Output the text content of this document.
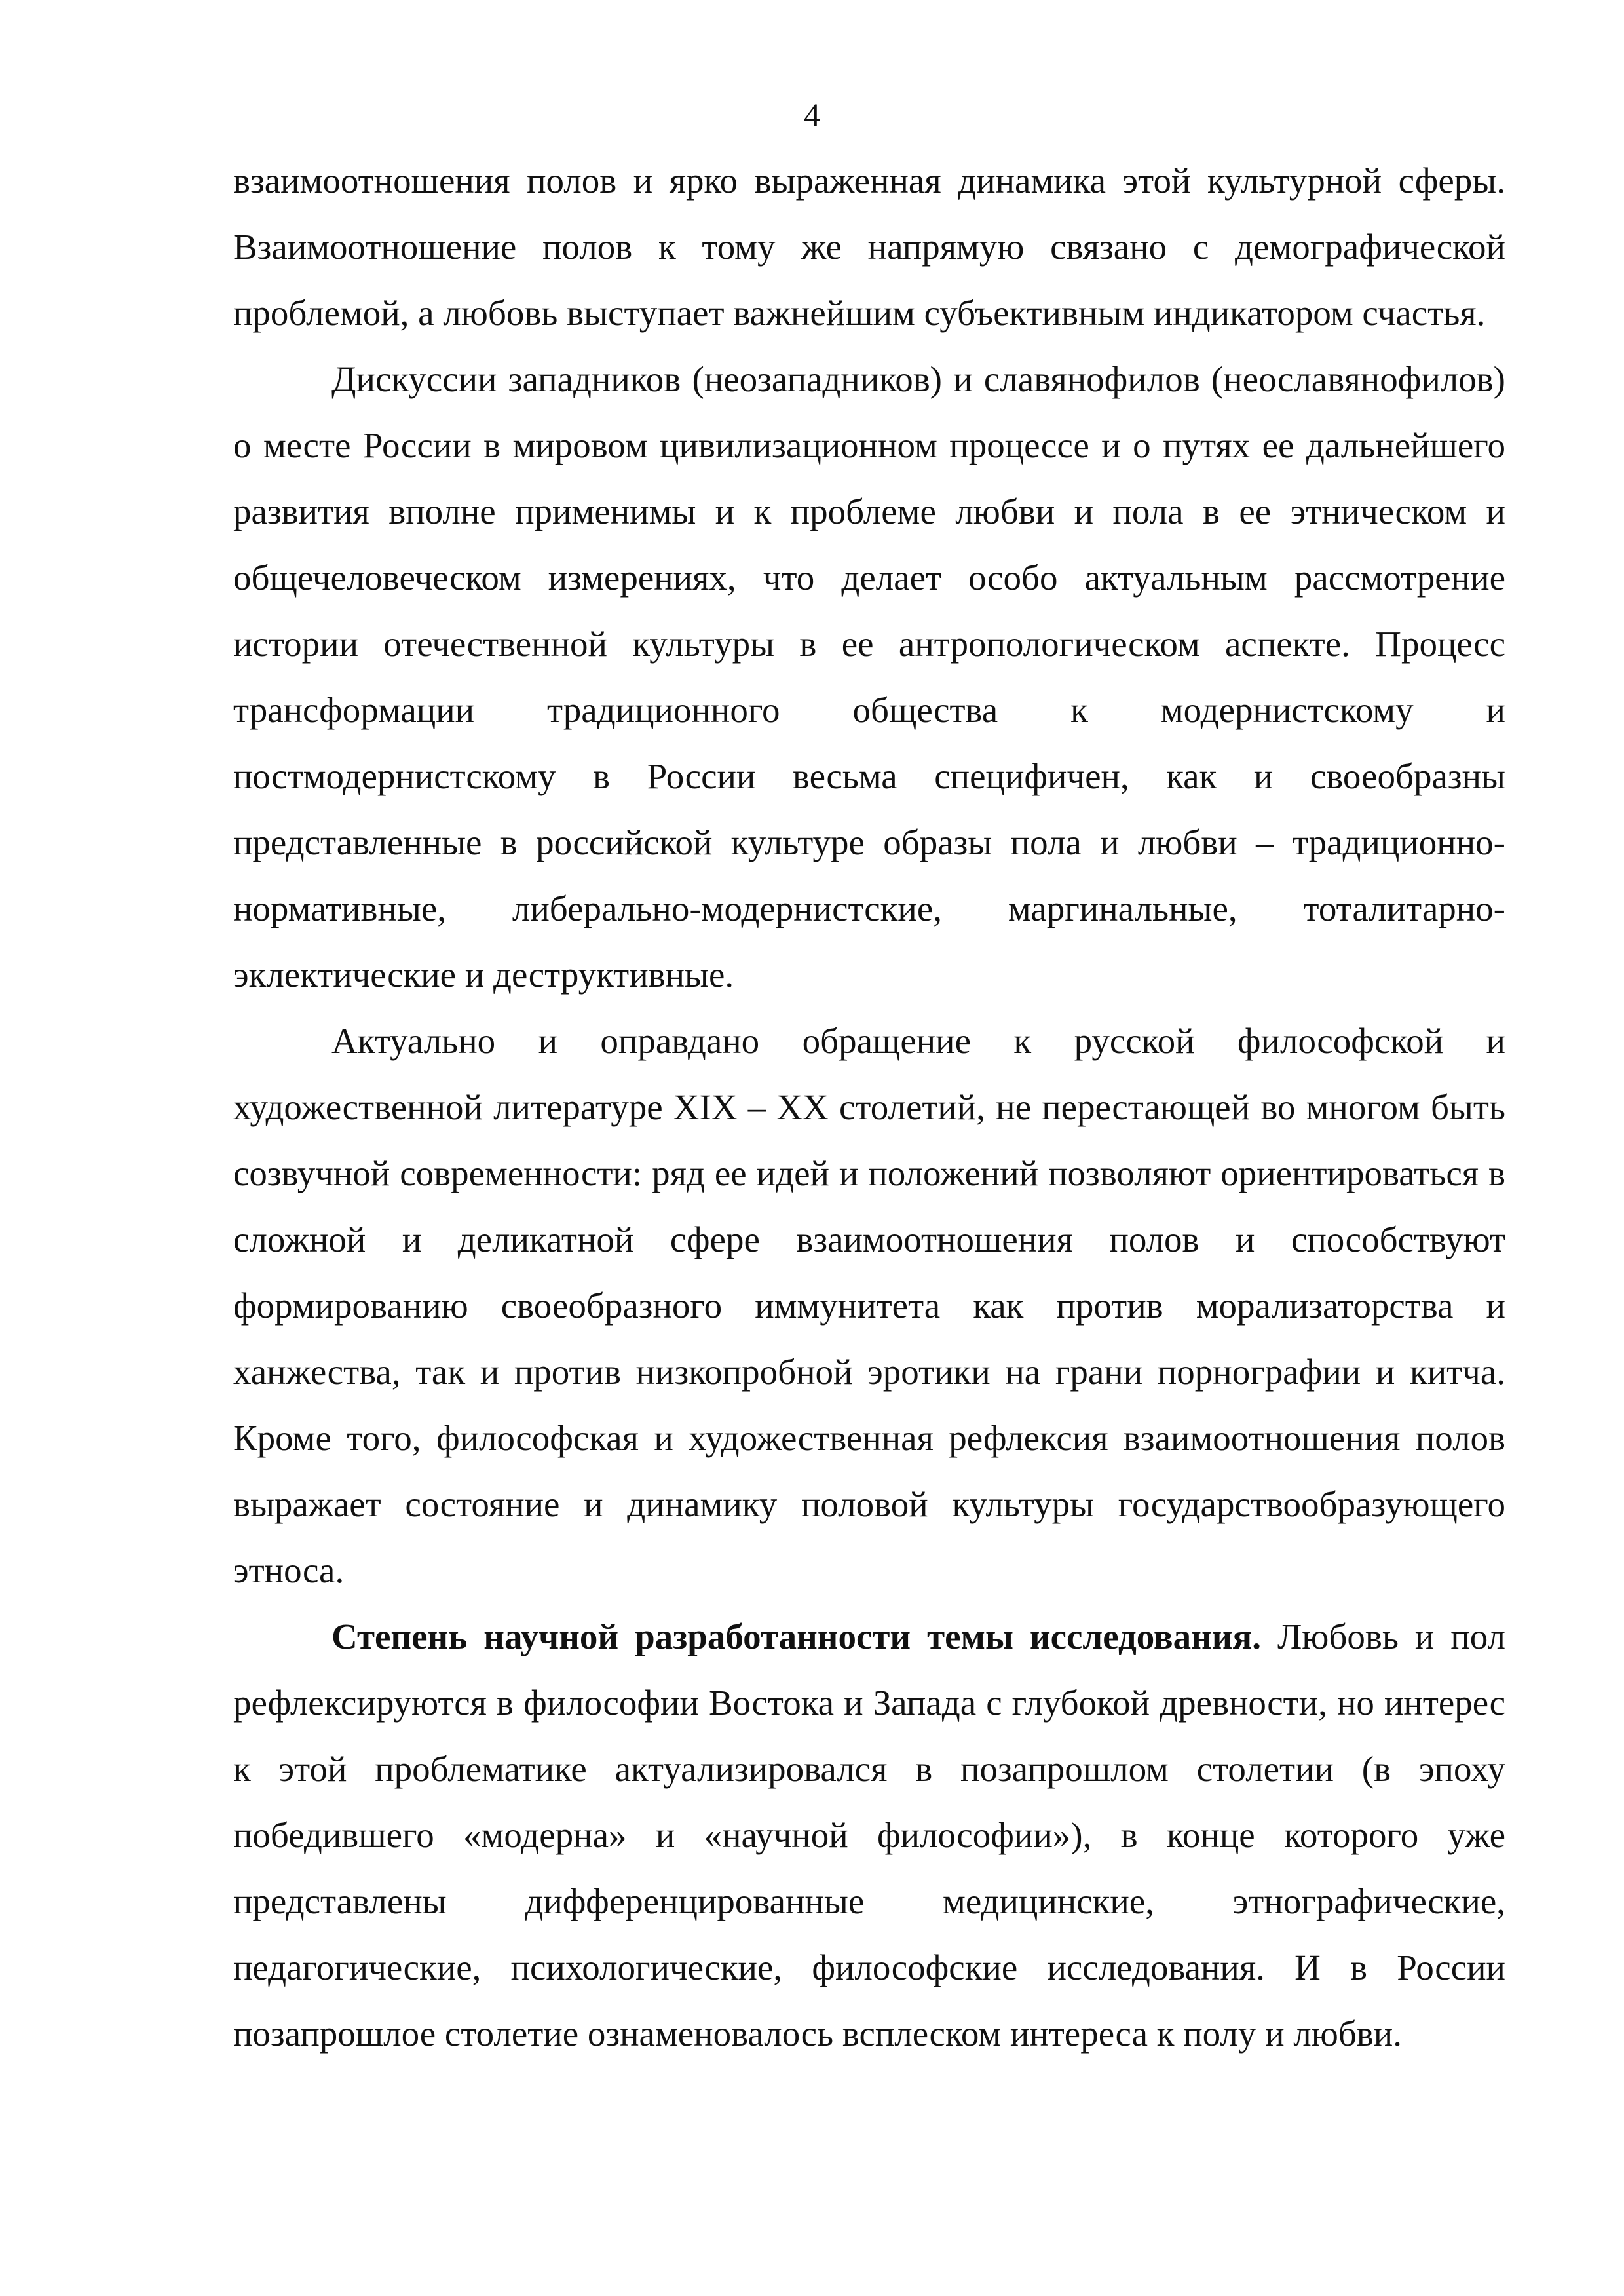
4

взаимоотношения полов и ярко выраженная динамика этой культурной сферы. Взаимоотношение полов к тому же напрямую связано с демографической проблемой, а любовь выступает важнейшим субъективным индикатором счастья.

Дискуссии западников (неозападников) и славянофилов (неославянофилов) о месте России в мировом цивилизационном процессе и о путях ее дальнейшего развития вполне применимы и к проблеме любви и пола в ее этническом и общечеловеческом измерениях, что делает особо актуальным рассмотрение истории отечественной культуры в ее антропологическом аспекте. Процесс трансформации традиционного общества к модернистскому и постмодернистскому в России весьма специфичен, как и своеобразны представленные в российской культуре образы пола и любви – традиционно-нормативные, либерально-модернистские, маргинальные, тоталитарно-эклектические и деструктивные.

Актуально и оправдано обращение к русской философской и художественной литературе XIX – XX столетий, не перестающей во многом быть созвучной современности: ряд ее идей и положений позволяют ориентироваться в сложной и деликатной сфере взаимоотношения полов и способствуют формированию своеобразного иммунитета как против морализаторства и ханжества, так и против низкопробной эротики на грани порнографии и китча. Кроме того, философская и художественная рефлексия взаимоотношения полов выражает состояние и динамику половой культуры государствообразующего этноса.

Степень научной разработанности темы исследования. Любовь и пол рефлексируются в философии Востока и Запада с глубокой древности, но интерес к этой проблематике актуализировался в позапрошлом столетии (в эпоху победившего «модерна» и «научной философии»), в конце которого уже представлены дифференцированные медицинские, этнографические, педагогические, психологические, философские исследования. И в России позапрошлое столетие ознаменовалось всплеском интереса к полу и любви.
